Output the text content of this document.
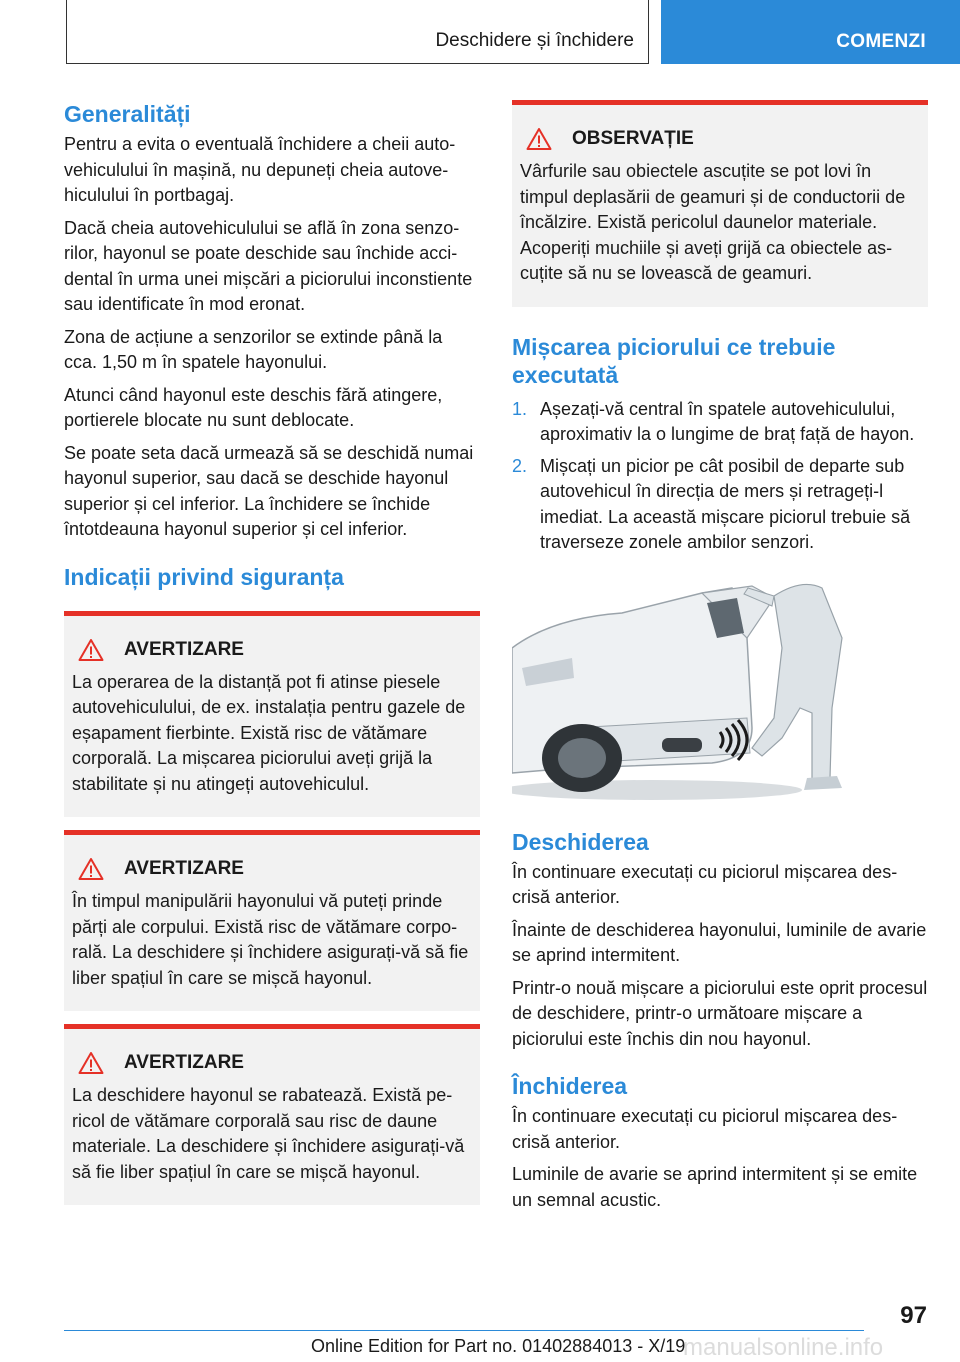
Deschidere și închidere	COMENZI
Generalități

Pentru a evita o eventuală închidere a cheii autovehiculului în mașină, nu depuneți cheia autovehiculului în portbagaj.

Dacă cheia autovehiculului se află în zona senzorilor, hayonul se poate deschide sau închide accidental în urma unei mișcări a piciorului inconstiente sau identificate în mod eronat.

Zona de acțiune a senzorilor se extinde până la cca. 1,50 m în spatele hayonului.

Atunci când hayonul este deschis fără atingere, portierele blocate nu sunt deblocate.

Se poate seta dacă urmează să se deschidă numai hayonul superior, sau dacă se deschide hayonul superior și cel inferior. La închidere se închide întotdeauna hayonul superior și cel inferior.

Indicații privind siguranța
AVERTIZARE

La operarea de la distanță pot fi atinse piesele autovehiculului, de ex. instalația pentru gazele de eșapament fierbinte. Există risc de vătămare corporală. La mișcarea piciorului aveți grijă la stabilitate și nu atingeți autovehiculul.

AVERTIZARE

În timpul manipulării hayonului vă puteți prinde părți ale corpului. Există risc de vătămare corporală. La deschidere și închidere asigurați-vă să fie liber spațiul în care se mișcă hayonul.

AVERTIZARE

La deschidere hayonul se rabatează. Există pericol de vătămare corporală sau risc de daune materiale. La deschidere și închidere asigurați-vă să fie liber spațiul în care se mișcă hayonul.

OBSERVAȚIE

Vârfurile sau obiectele ascuțite se pot lovi în timpul deplasării de geamuri și de conductorii de încălzire. Există pericolul daunelor materiale. Acoperiți muchiile și aveți grijă ca obiectele ascuțite să nu se lovească de geamuri.

Mișcarea piciorului ce trebuie executată
1. Așezați-vă central în spatele autovehiculului, aproximativ la o lungime de braț față de hayon.
2. Mișcați un picior pe cât posibil de departe sub autovehicul în direcția de mers și retrageți-l imediat. La această mișcare piciorul trebuie să traverseze zonele ambilor senzori.
Deschiderea

În continuare executați cu piciorul mișcarea descrisă anterior.

Înainte de deschiderea hayonului, luminile de avarie se aprind intermitent.

Printr-o nouă mișcare a piciorului este oprit procesul de deschidere, printr-o următoare mișcare a piciorului este închis din nou hayonul.

Închiderea

În continuare executați cu piciorul mișcarea descrisă anterior.

Luminile de avarie se aprind intermitent și se emite un semnal acustic.

97
Online Edition for Part no. 01402884013 - X/19
manualsonline.info
